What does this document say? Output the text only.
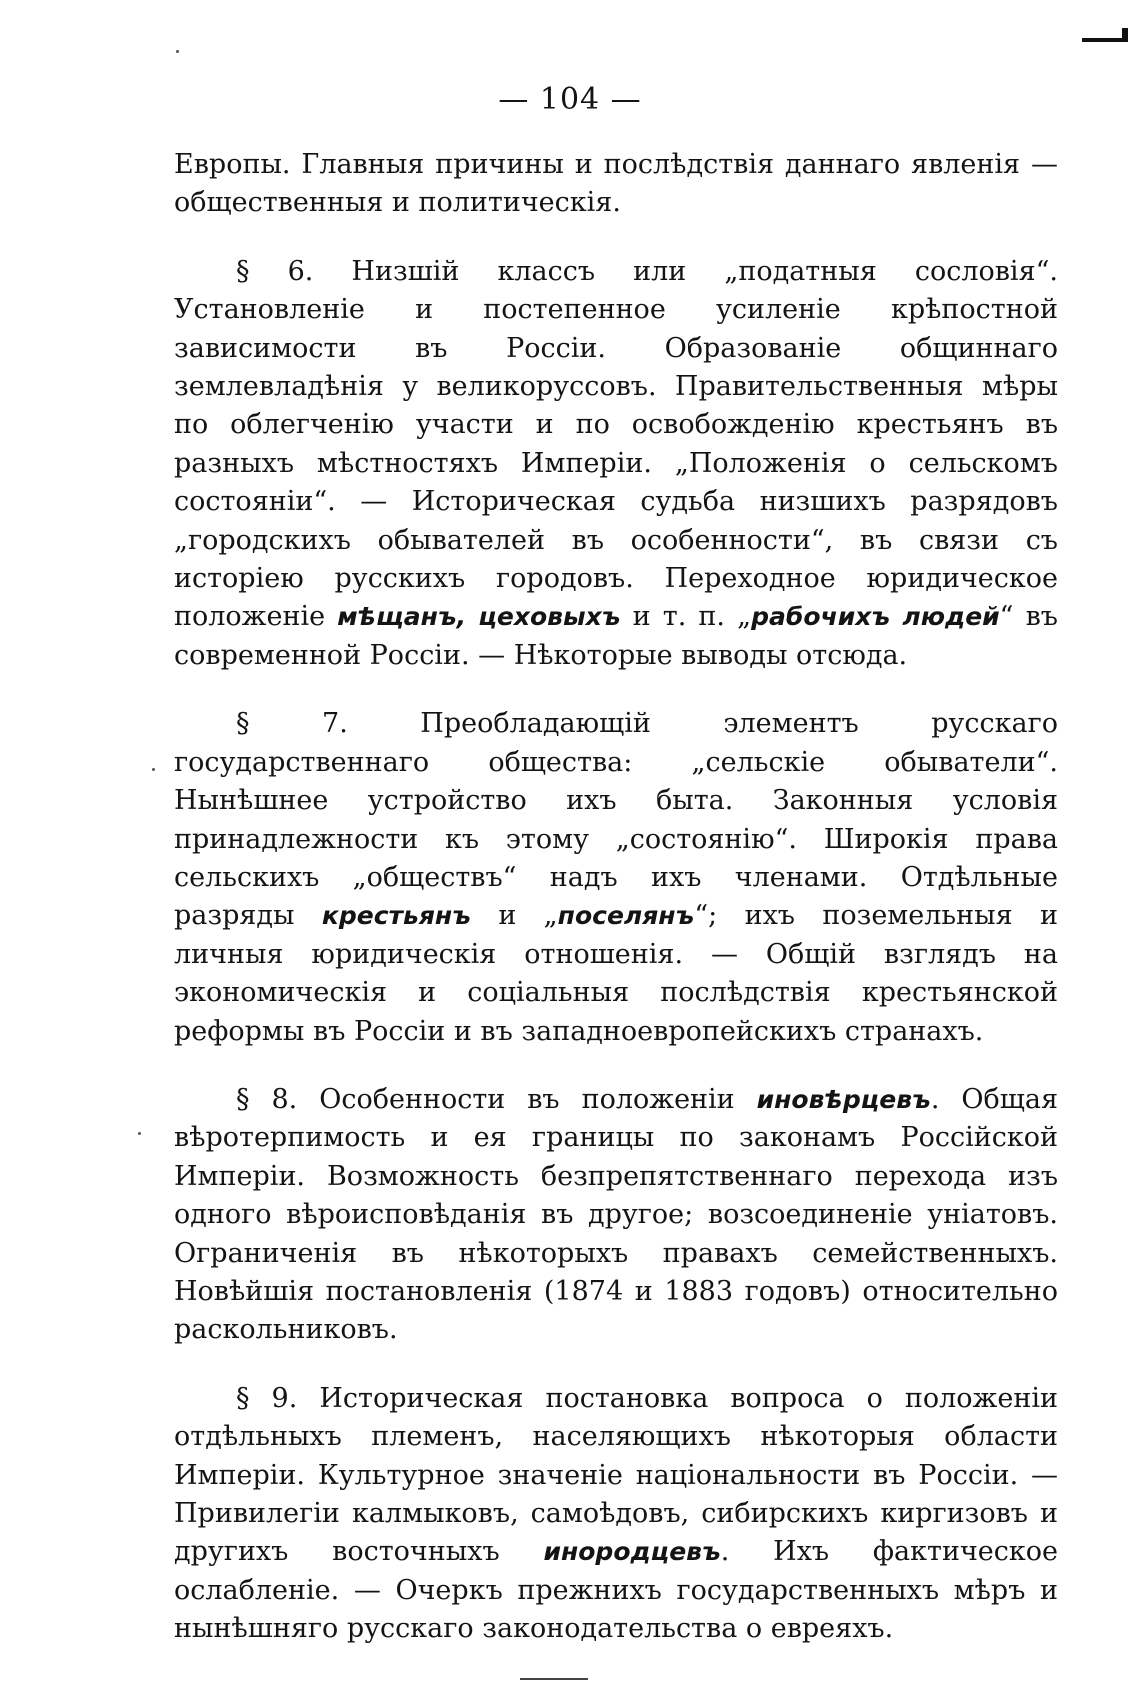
— 104 —

Европы. Главныя причины и послѣдствія даннаго явленія — общественныя и политическія.

§ 6. Низшій классъ или „податныя сословія“. Установленіе и постепенное усиленіе крѣпостной зависимости въ Россіи. Образованіе общиннаго землевладѣнія у великоруссовъ. Правительственныя мѣры по облегченію участи и по освобожденію крестьянъ въ разныхъ мѣстностяхъ Имперіи. „Положенія о сельскомъ состояніи“. — Историческая судьба низшихъ разрядовъ „городскихъ обывателей въ особенности“, въ связи съ исторіею русскихъ городовъ. Переходное юридическое положеніе мѣщанъ, цеховыхъ и т. п. „рабочихъ людей“ въ современной Россіи. — Нѣкоторые выводы отсюда.

§ 7. Преобладающій элементъ русскаго государственнаго общества: „сельскіе обыватели“. Нынѣшнее устройство ихъ быта. Законныя условія принадлежности къ этому „состоянію“. Широкія права сельскихъ „обществъ“ надъ ихъ членами. Отдѣльные разряды крестьянъ и „поселянъ“; ихъ поземельныя и личныя юридическія отношенія. — Общій взглядъ на экономическія и соціальныя послѣдствія крестьянской реформы въ Россіи и въ западноевропейскихъ странахъ.

§ 8. Особенности въ положеніи иновѣрцевъ. Общая вѣротерпимость и ея границы по законамъ Россійской Имперіи. Возможность безпрепятственнаго перехода изъ одного вѣроисповѣданія въ другое; возсоединеніе уніатовъ. Ограниченія въ нѣкоторыхъ правахъ семейственныхъ. Новѣйшія постановленія (1874 и 1883 годовъ) относительно раскольниковъ.

§ 9. Историческая постановка вопроса о положеніи отдѣльныхъ племенъ, населяющихъ нѣкоторыя области Имперіи. Культурное значеніе національности въ Россіи. — Привилегіи калмыковъ, самоѣдовъ, сибирскихъ киргизовъ и другихъ восточныхъ инородцевъ. Ихъ фактическое ослабленіе. — Очеркъ прежнихъ государственныхъ мѣръ и нынѣшняго русскаго законодательства о евреяхъ.
